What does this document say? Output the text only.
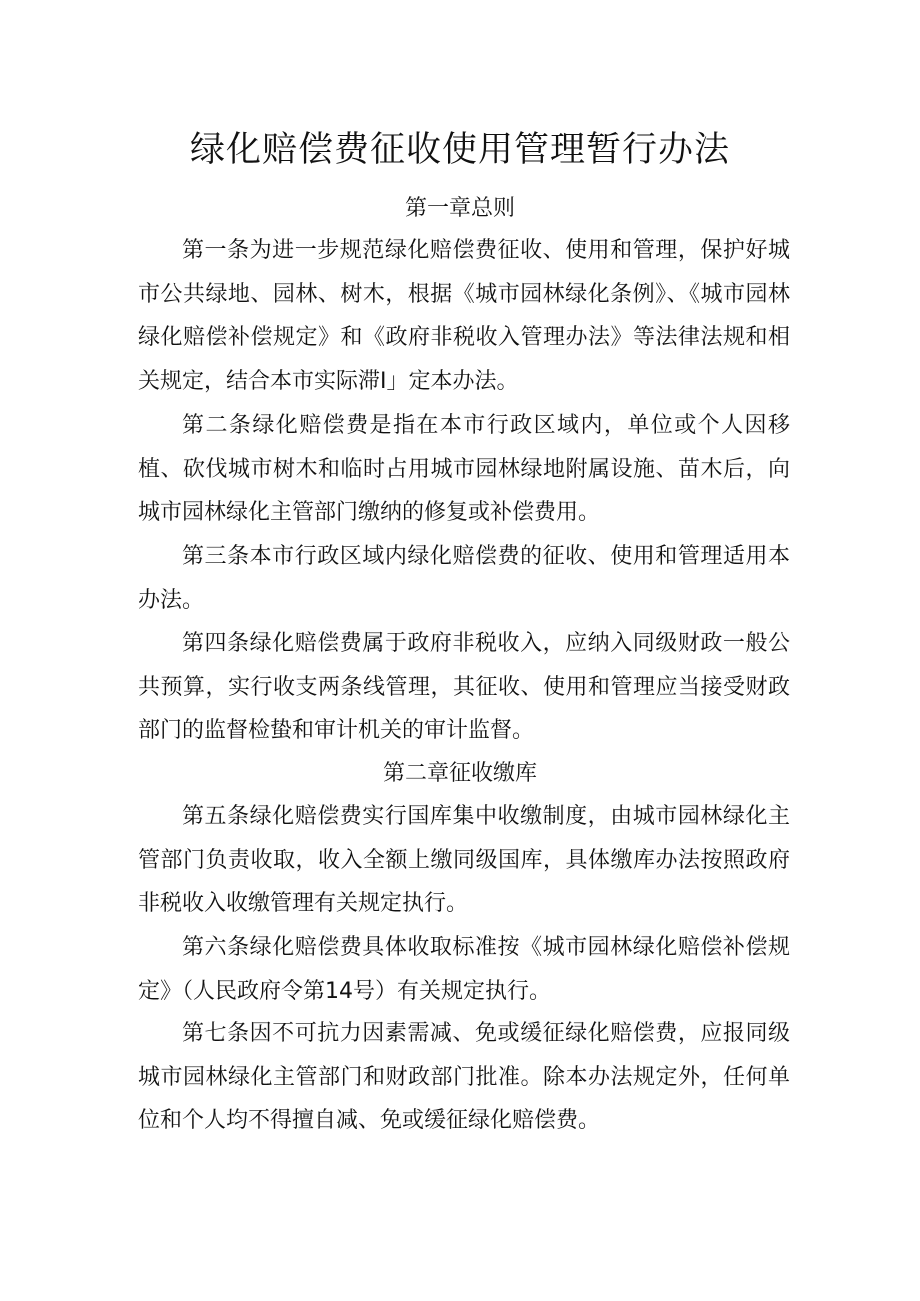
绿化赔偿费征收使用管理暂行办法
第一章总则

第一条为进一步规范绿化赔偿费征收、使用和管理，保护好城市公共绿地、园林、树木，根据《城市园林绿化条例》、《城市园林绿化赔偿补偿规定》和《政府非税收入管理办法》等法律法规和相关规定，结合本市实际滞I」定本办法。

第二条绿化赔偿费是指在本市行政区域内，单位或个人因移植、砍伐城市树木和临时占用城市园林绿地附属设施、苗木后，向城市园林绿化主管部门缴纳的修复或补偿费用。

第三条本市行政区域内绿化赔偿费的征收、使用和管理适用本办法。

第四条绿化赔偿费属于政府非税收入，应纳入同级财政一般公共预算，实行收支两条线管理，其征收、使用和管理应当接受财政部门的监督检蛰和审计机关的审计监督。

第二章征收缴库

第五条绿化赔偿费实行国库集中收缴制度，由城市园林绿化主管部门负责收取，收入全额上缴同级国库，具体缴库办法按照政府非税收入收缴管理有关规定执行。

第六条绿化赔偿费具体收取标准按《城市园林绿化赔偿补偿规定》（人民政府令第14号）有关规定执行。

第七条因不可抗力因素需减、免或缓征绿化赔偿费，应报同级城市园林绿化主管部门和财政部门批准。除本办法规定外，任何单位和个人均不得擅自减、免或缓征绿化赔偿费。
